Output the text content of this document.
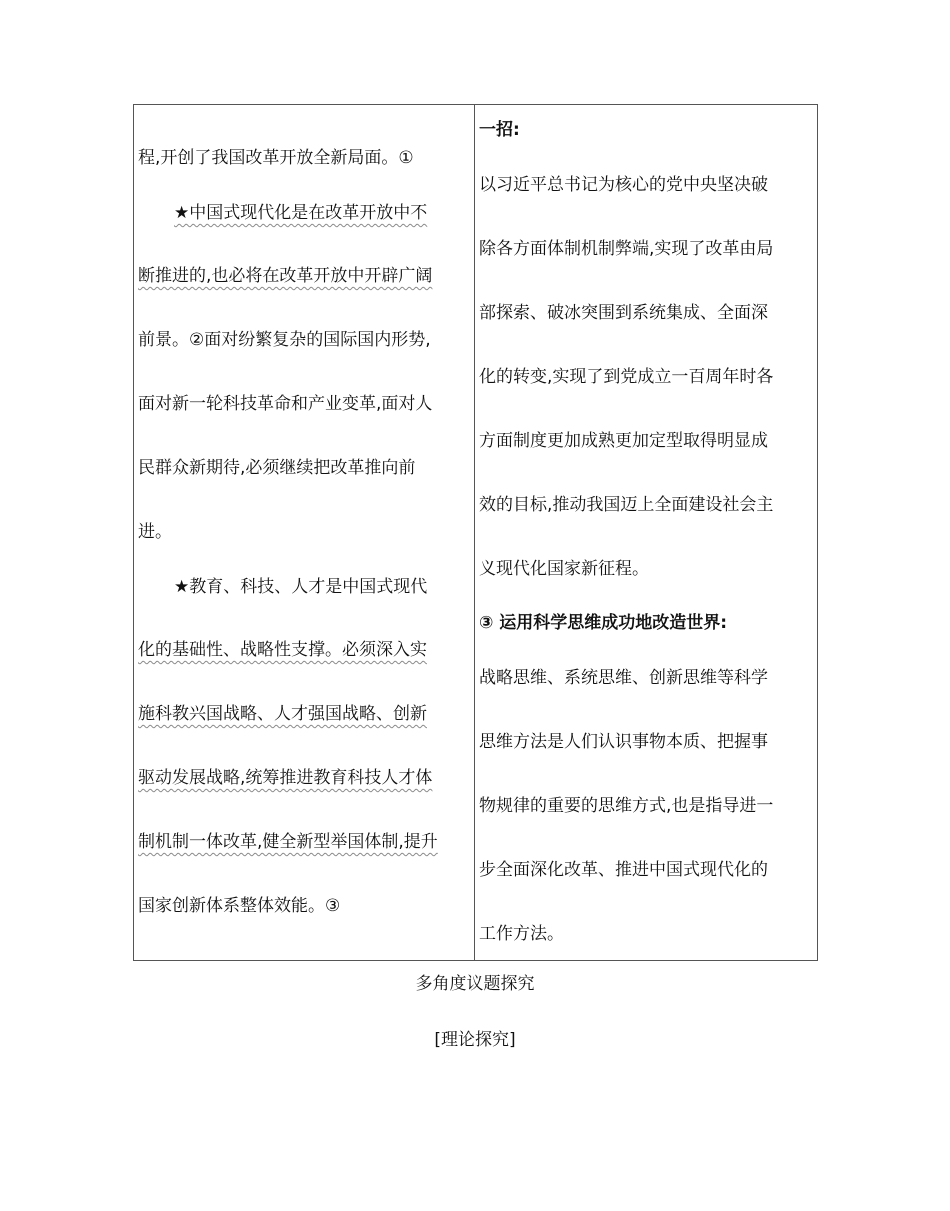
程,开创了我国改革开放全新局面。①
★中国式现代化是在改革开放中不
断推进的,也必将在改革开放中开辟广阔
前景。②面对纷繁复杂的国际国内形势,
面对新一轮科技革命和产业变革,面对人
民群众新期待,必须继续把改革推向前
进。
★教育、科技、人才是中国式现代
化的基础性、战略性支撑。必须深入实
施科教兴国战略、人才强国战略、创新
驱动发展战略,统筹推进教育科技人才体
制机制一体改革,健全新型举国体制,提升
国家创新体系整体效能。③

一招:
以习近平总书记为核心的党中央坚决破
除各方面体制机制弊端,实现了改革由局
部探索、破冰突围到系统集成、全面深
化的转变,实现了到党成立一百周年时各
方面制度更加成熟更加定型取得明显成
效的目标,推动我国迈上全面建设社会主
义现代化国家新征程。
③ 运用科学思维成功地改造世界:
战略思维、系统思维、创新思维等科学
思维方法是人们认识事物本质、把握事
物规律的重要的思维方式,也是指导进一
步全面深化改革、推进中国式现代化的
工作方法。
多角度议题探究
[理论探究]
